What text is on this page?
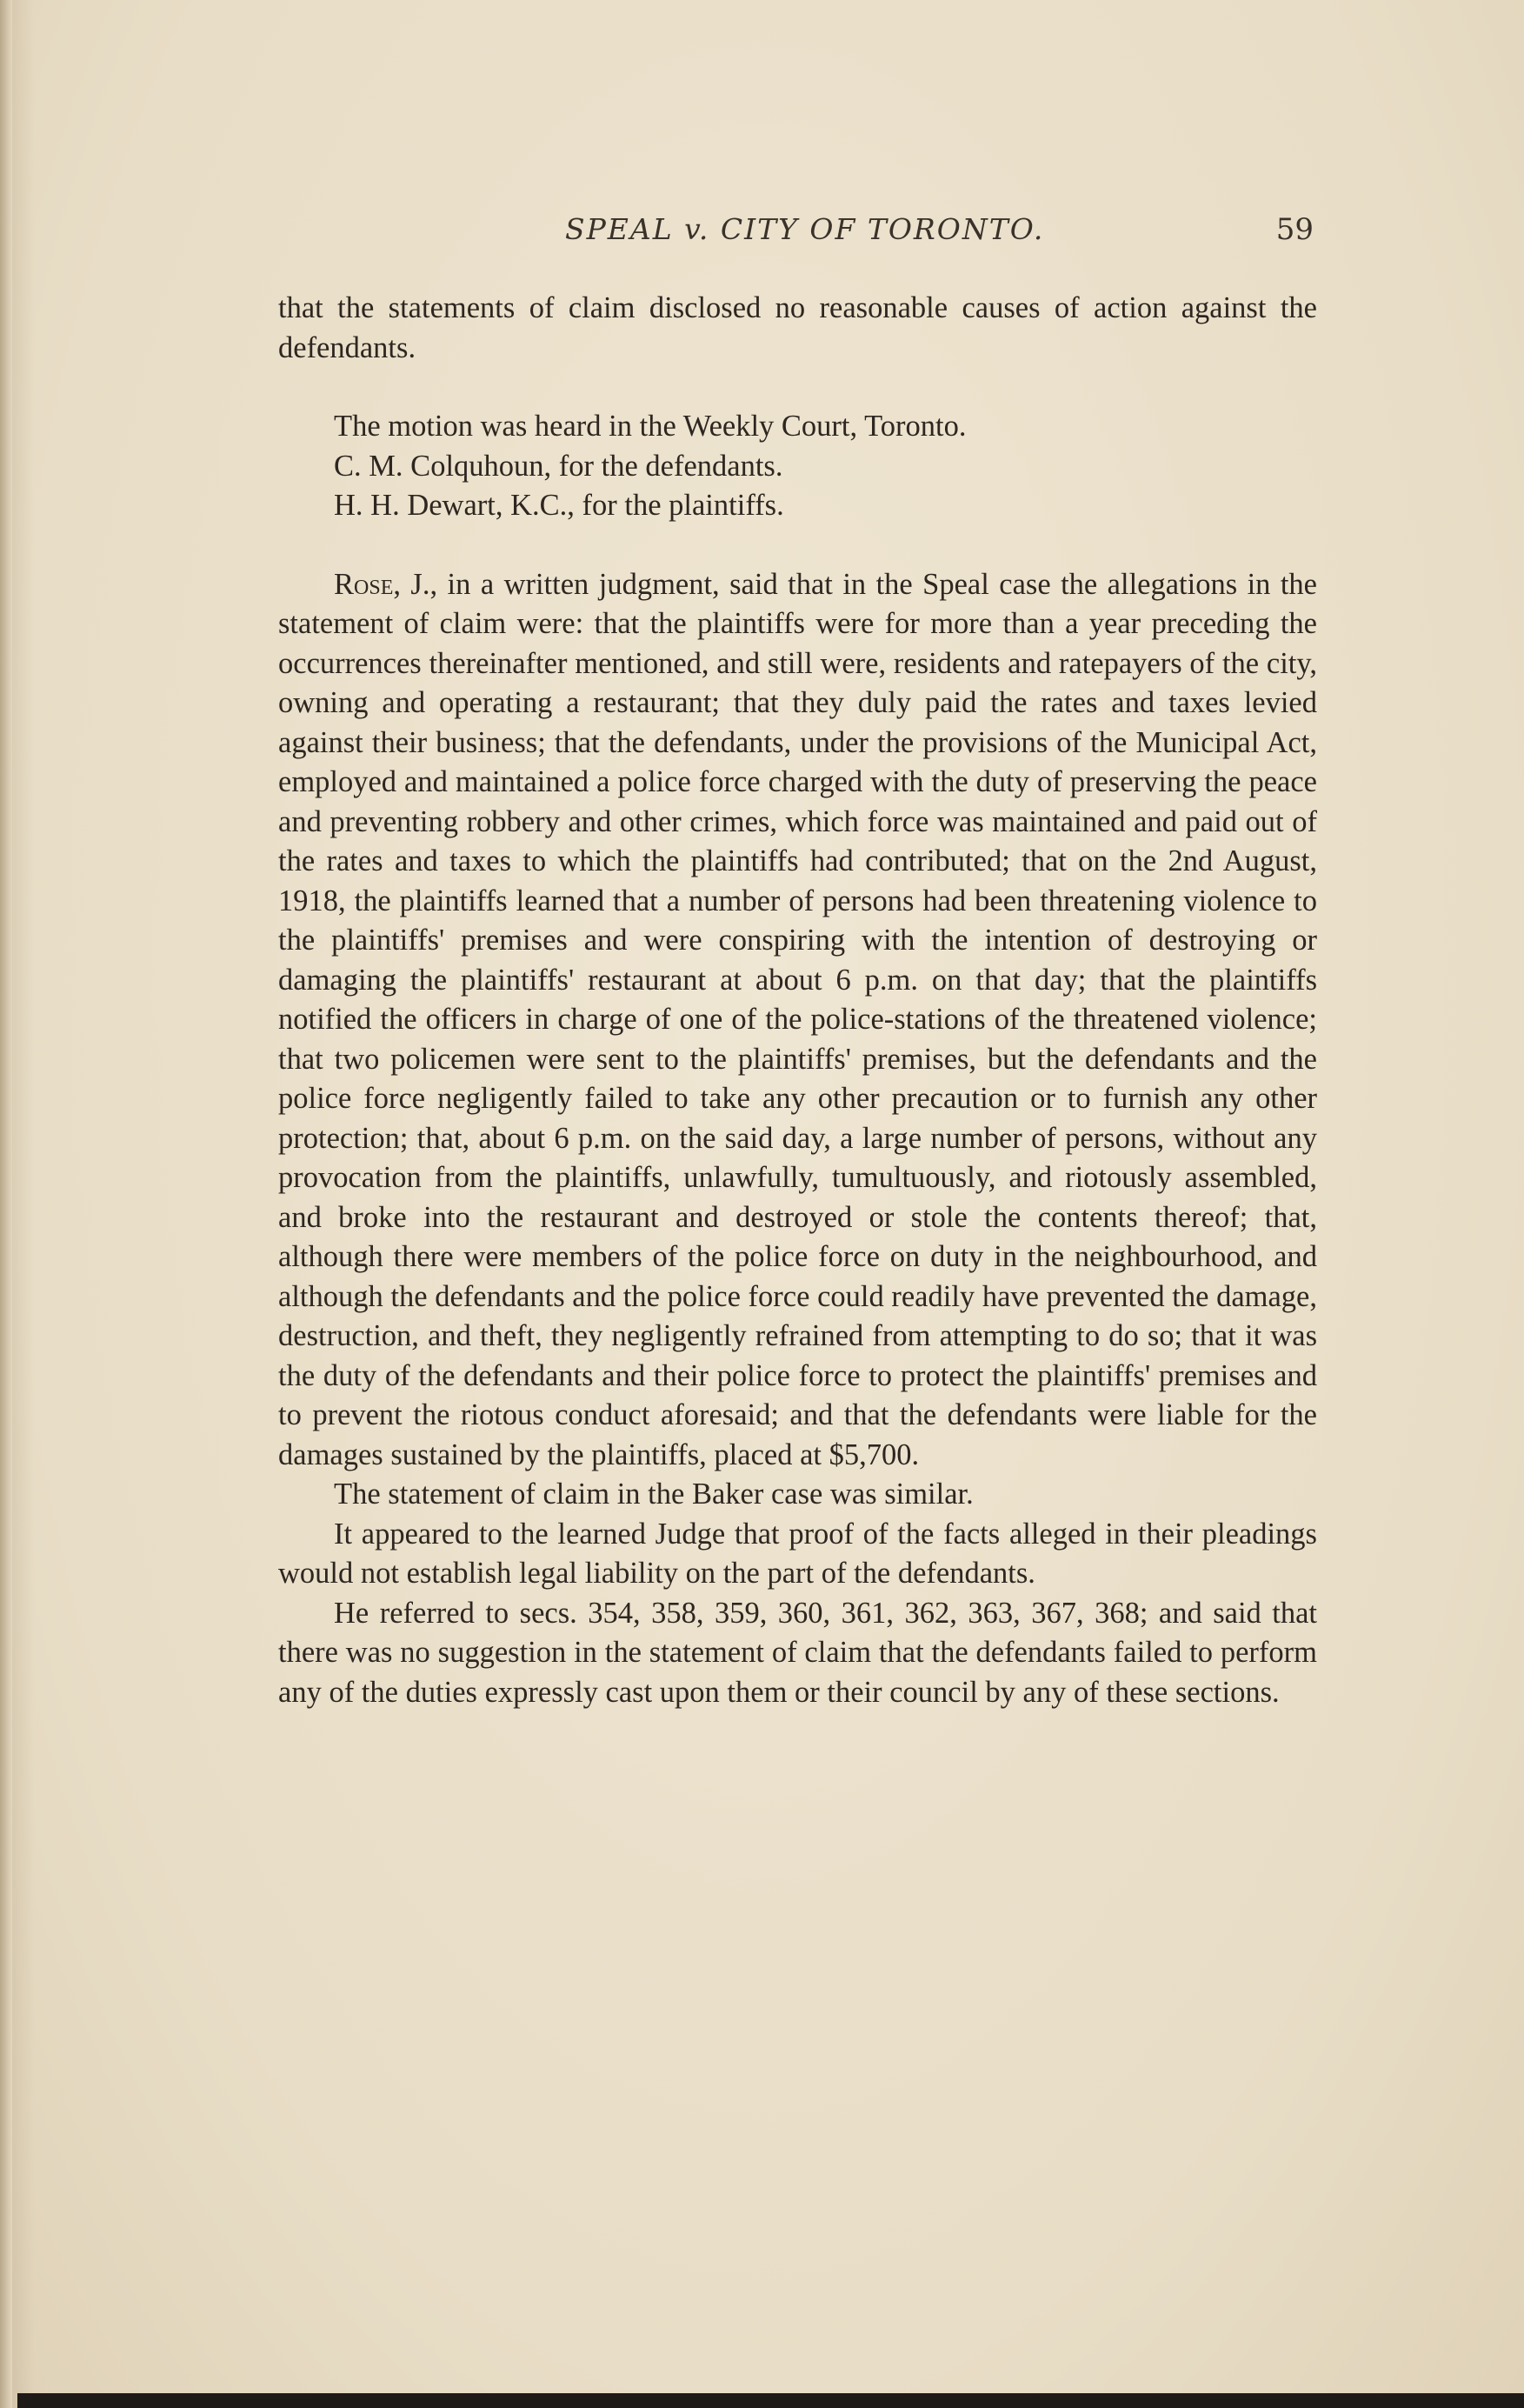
SPEAL v. CITY OF TORONTO.	59

that the statements of claim disclosed no reasonable causes of action against the defendants.

The motion was heard in the Weekly Court, Toronto.

C. M. Colquhoun, for the defendants.

H. H. Dewart, K.C., for the plaintiffs.

Rose, J., in a written judgment, said that in the Speal case the allegations in the statement of claim were: that the plaintiffs were for more than a year preceding the occurrences thereinafter mentioned, and still were, residents and ratepayers of the city, owning and operating a restaurant; that they duly paid the rates and taxes levied against their business; that the defendants, under the provisions of the Municipal Act, employed and maintained a police force charged with the duty of preserving the peace and preventing robbery and other crimes, which force was maintained and paid out of the rates and taxes to which the plaintiffs had contributed; that on the 2nd August, 1918, the plaintiffs learned that a number of persons had been threatening violence to the plaintiffs' premises and were conspiring with the intention of destroying or damaging the plaintiffs' restaurant at about 6 p.m. on that day; that the plaintiffs notified the officers in charge of one of the police-stations of the threatened violence; that two policemen were sent to the plaintiffs' premises, but the defendants and the police force negligently failed to take any other precaution or to furnish any other protection; that, about 6 p.m. on the said day, a large number of persons, without any provocation from the plaintiffs, unlawfully, tumultuously, and riotously assembled, and broke into the restaurant and destroyed or stole the contents thereof; that, although there were members of the police force on duty in the neighbourhood, and although the defendants and the police force could readily have prevented the damage, destruction, and theft, they negligently refrained from attempting to do so; that it was the duty of the defendants and their police force to protect the plaintiffs' premises and to prevent the riotous conduct aforesaid; and that the defendants were liable for the damages sustained by the plaintiffs, placed at $5,700.

The statement of claim in the Baker case was similar.

It appeared to the learned Judge that proof of the facts alleged in their pleadings would not establish legal liability on the part of the defendants.

He referred to secs. 354, 358, 359, 360, 361, 362, 363, 367, 368; and said that there was no suggestion in the statement of claim that the defendants failed to perform any of the duties expressly cast upon them or their council by any of these sections.
